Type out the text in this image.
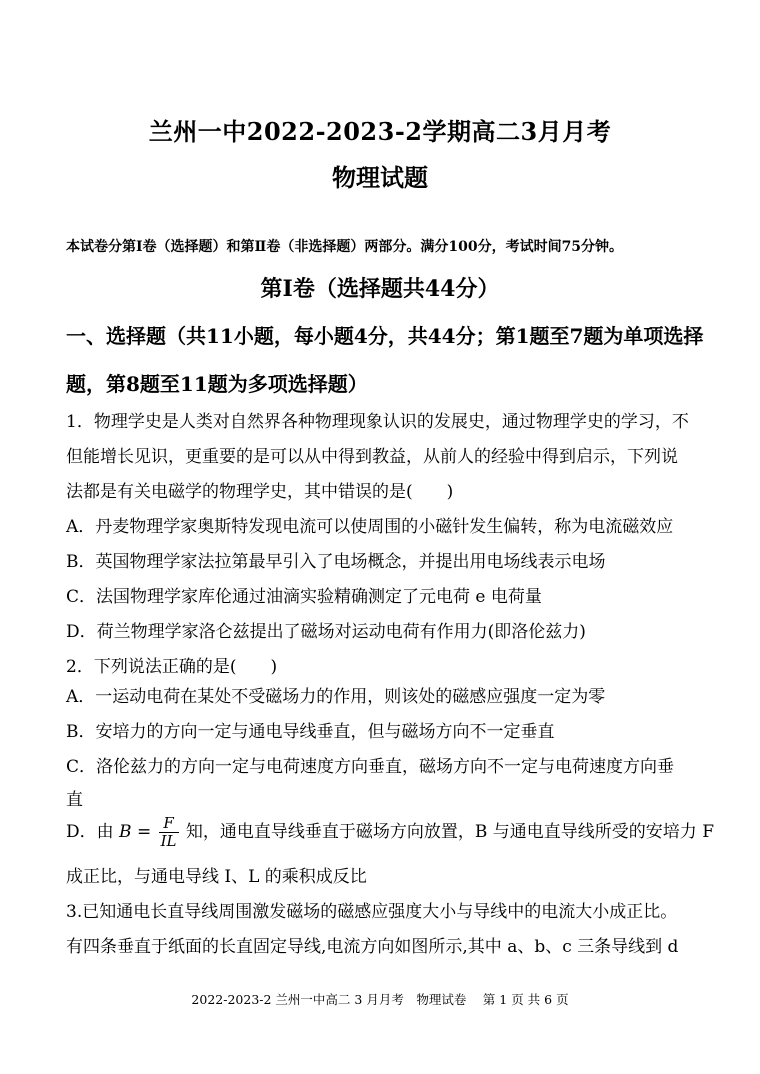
兰州一中2022-2023-2学期高二3月月考
物理试题
本试卷分第Ⅰ卷（选择题）和第Ⅱ卷（非选择题）两部分。满分100分，考试时间75分钟。
第Ⅰ卷（选择题共44分）
一、选择题（共11小题，每小题4分，共44分；第1题至7题为单项选择
题，第8题至11题为多项选择题）
1．物理学史是人类对自然界各种物理现象认识的发展史，通过物理学史的学习，不
但能增长见识，更重要的是可以从中得到教益，从前人的经验中得到启示，下列说
法都是有关电磁学的物理学史，其中错误的是(　　)
A．丹麦物理学家奥斯特发现电流可以使周围的小磁针发生偏转，称为电流磁效应
B．英国物理学家法拉第最早引入了电场概念，并提出用电场线表示电场
C．法国物理学家库伦通过油滴实验精确测定了元电荷 e 电荷量
D．荷兰物理学家洛仑兹提出了磁场对运动电荷有作用力(即洛伦兹力)
2．下列说法正确的是(　　)
A．一运动电荷在某处不受磁场力的作用，则该处的磁感应强度一定为零
B．安培力的方向一定与通电导线垂直，但与磁场方向不一定垂直
C．洛伦兹力的方向一定与电荷速度方向垂直，磁场方向不一定与电荷速度方向垂
直
D．由 $B = \frac{F}{IL}$ 知，通电直导线垂直于磁场方向放置，B 与通电直导线所受的安培力 F
成正比，与通电导线 I、L 的乘积成反比
3.已知通电长直导线周围激发磁场的磁感应强度大小与导线中的电流大小成正比。
有四条垂直于纸面的长直固定导线,电流方向如图所示,其中 a、b、c 三条导线到 d
2022-2023-2 兰州一中高二 3 月月考　物理试卷　 第 1 页 共 6 页
